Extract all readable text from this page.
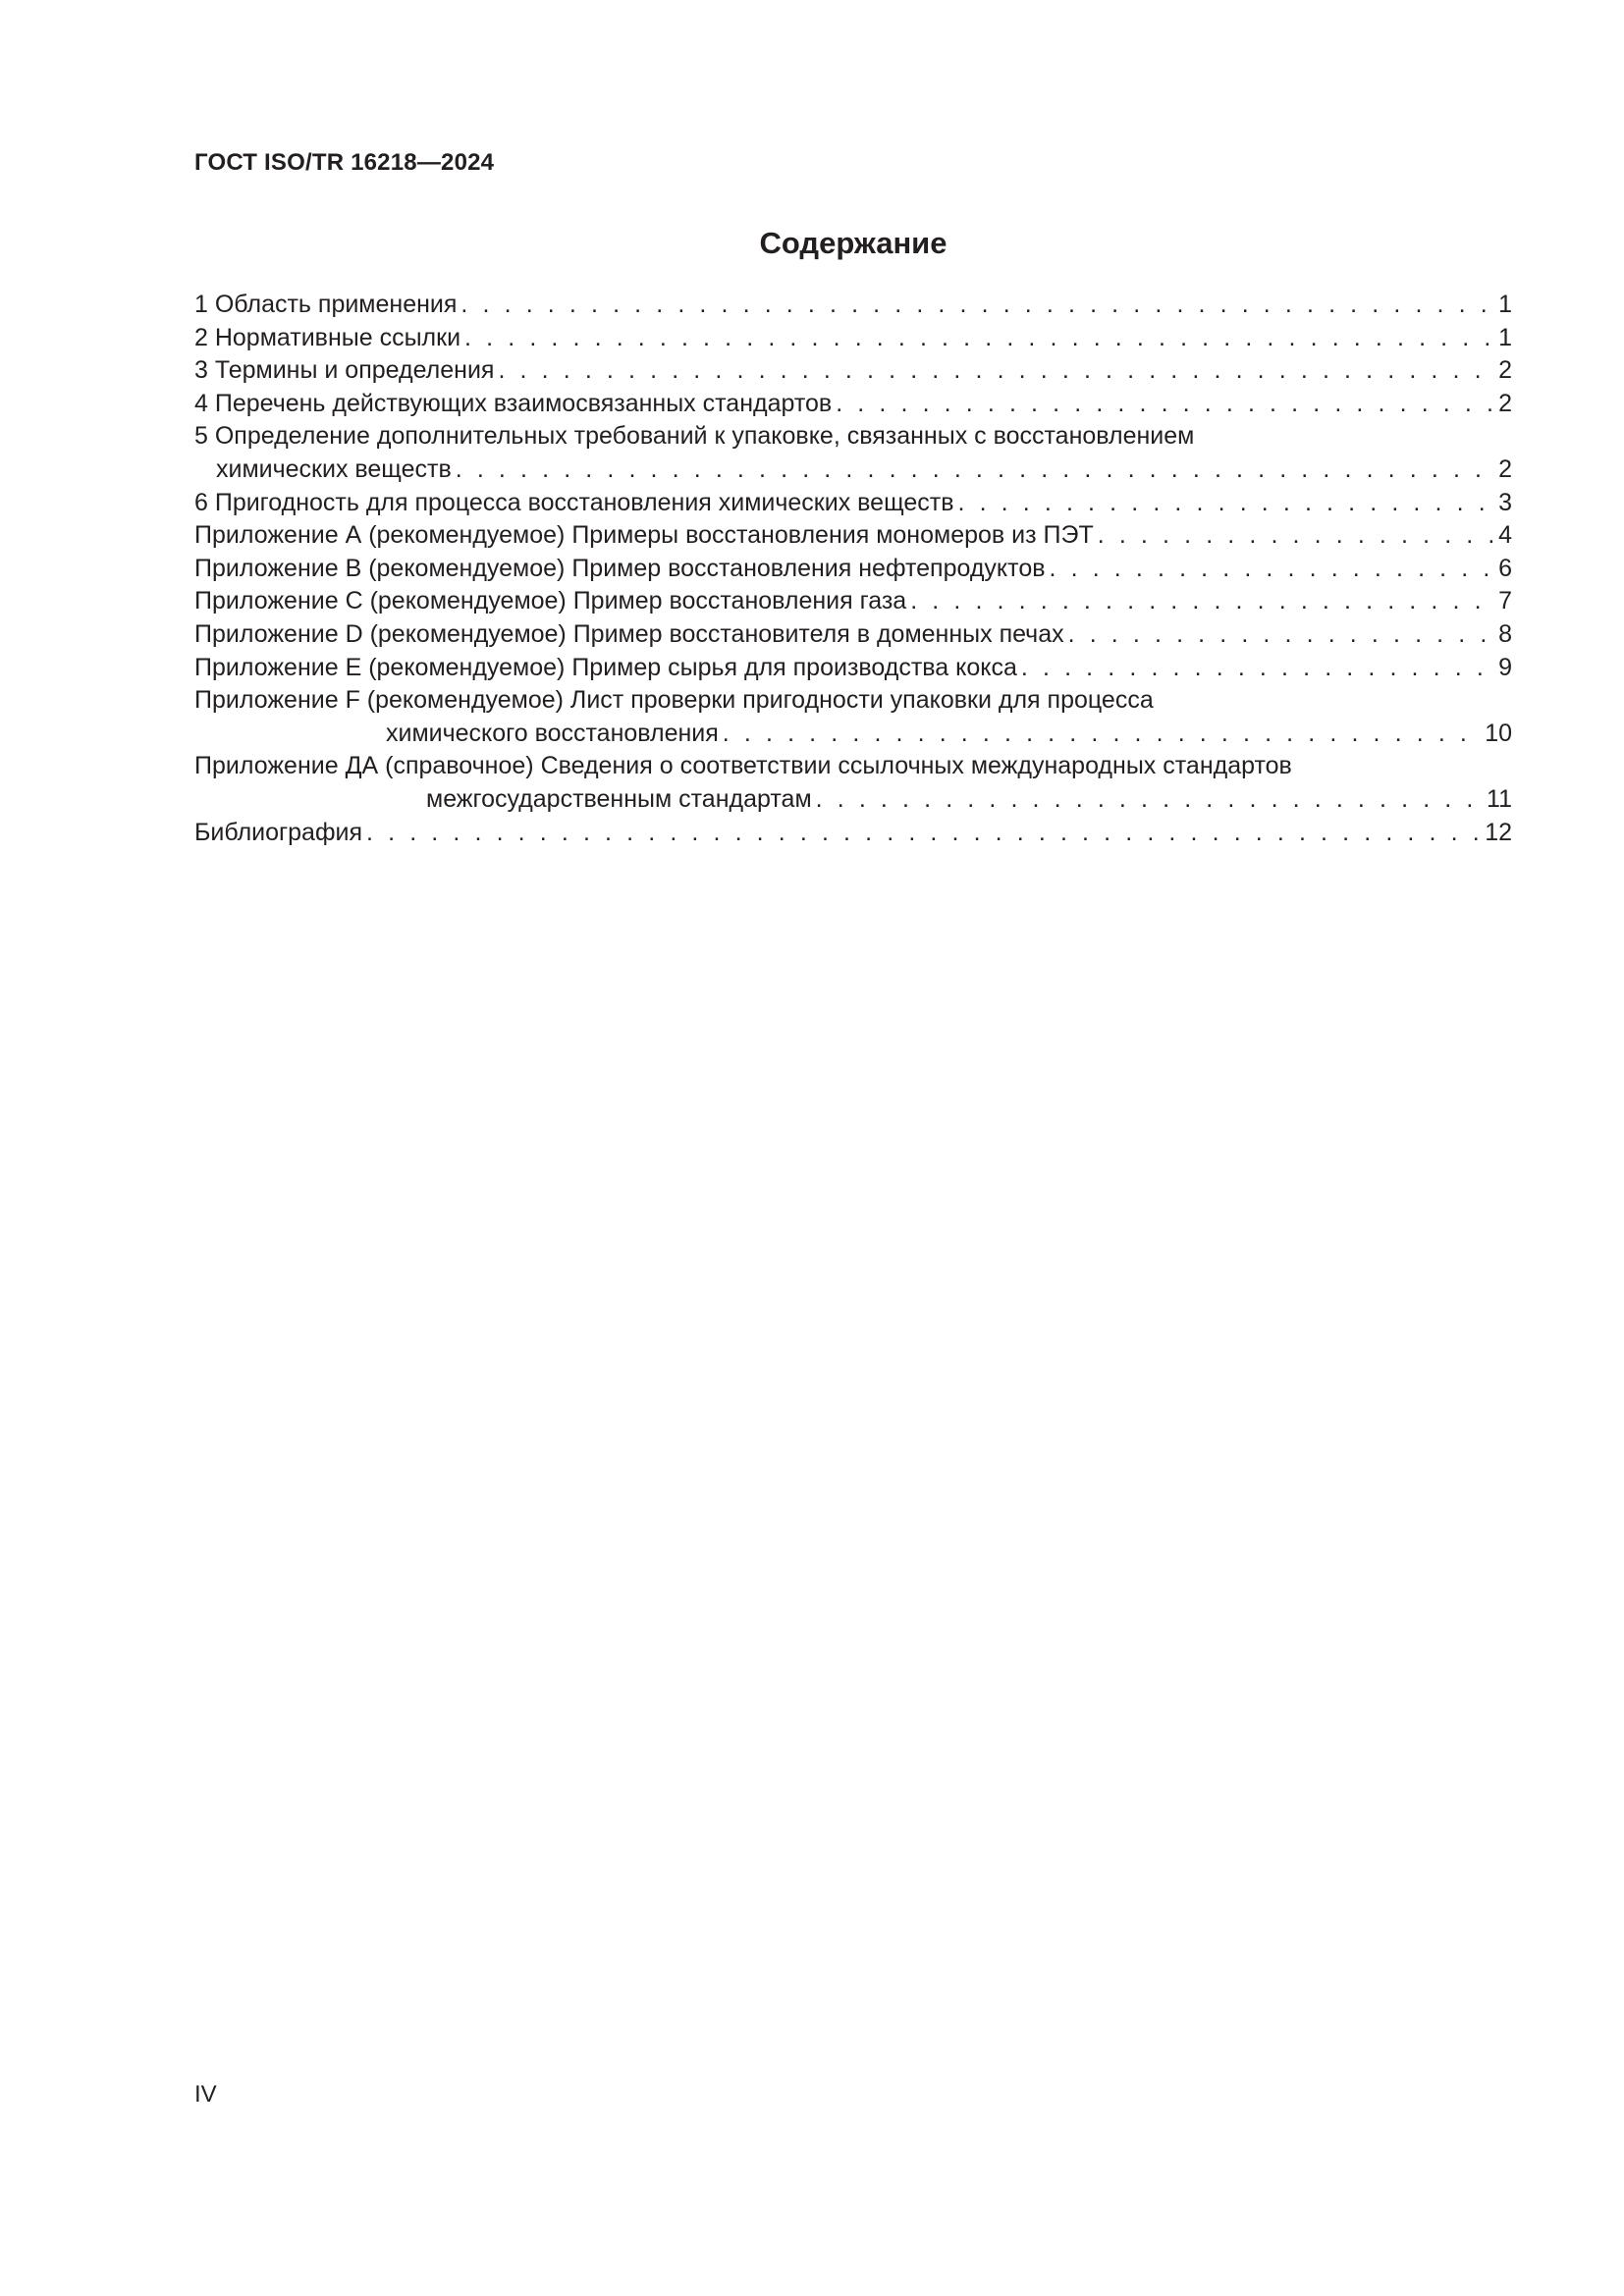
ГОСТ ISO/TR 16218—2024
Содержание
1 Область применения . . .	1
2 Нормативные ссылки . . .	1
3 Термины и определения . . .	2
4 Перечень действующих взаимосвязанных стандартов . . .	2
5 Определение дополнительных требований к упаковке, связанных с восстановлением
химических веществ . . .	2
6 Пригодность для процесса восстановления химических веществ . . .	3
Приложение А (рекомендуемое) Примеры восстановления мономеров из ПЭТ . . .	4
Приложение В (рекомендуемое) Пример восстановления нефтепродуктов . . .	6
Приложение С (рекомендуемое) Пример восстановления газа . . .	7
Приложение D (рекомендуемое) Пример восстановителя в доменных печах . . .	8
Приложение Е (рекомендуемое) Пример сырья для производства кокса . . .	9
Приложение F (рекомендуемое) Лист проверки пригодности упаковки для процесса
химического восстановления . . .	10
Приложение ДА (справочное) Сведения о соответствии ссылочных международных стандартов
межгосударственным стандартам . . .	11
Библиография . . .	12
IV
